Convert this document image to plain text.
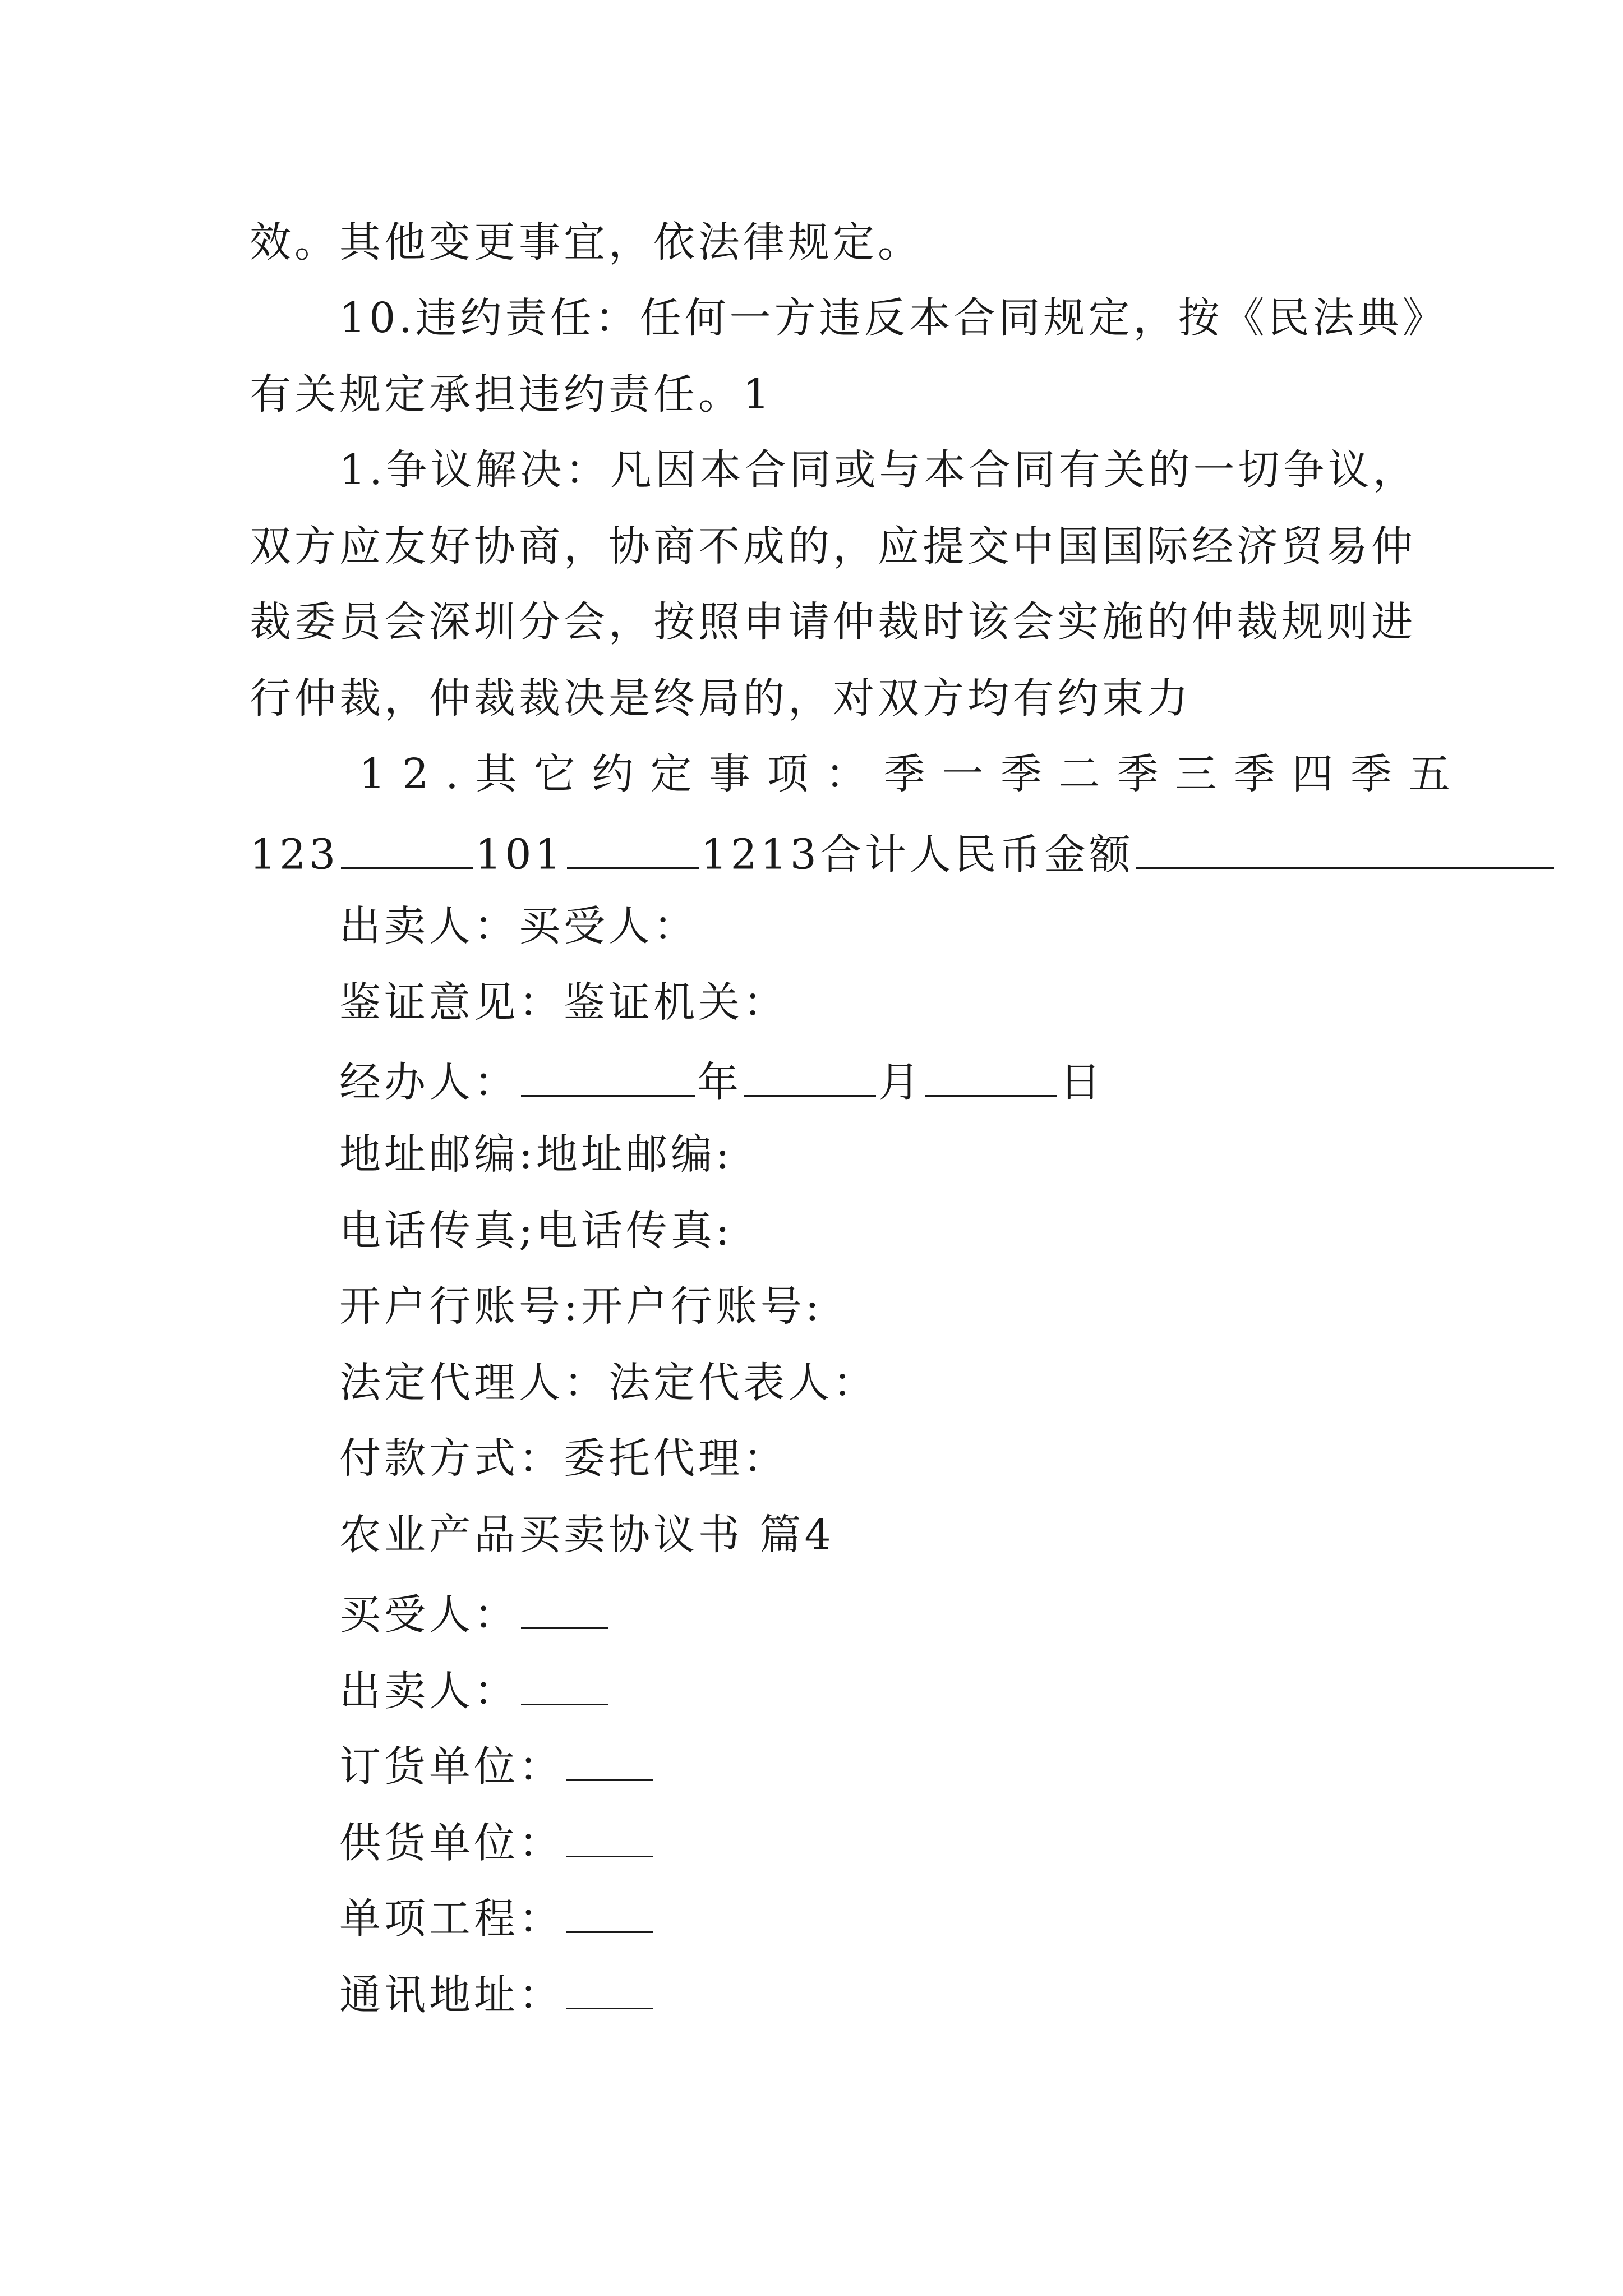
效。其他变更事宜，依法律规定。
10.违约责任：任何一方违反本合同规定，按《民法典》
有关规定承担违约责任。1
1.争议解决：凡因本合同或与本合同有关的一切争议，
双方应友好协商，协商不成的，应提交中国国际经济贸易仲
裁委员会深圳分会，按照申请仲裁时该会实施的仲裁规则进
行仲裁，仲裁裁决是终局的，对双方均有约束力
12.其它约定事项：季一季二季三季四季五
123	101	1213合计人民币金额
出卖人：买受人：
鉴证意见：鉴证机关：
经办人：	年	月	日
地址邮编:地址邮编:
电话传真;电话传真:
开户行账号:开户行账号:
法定代理人：法定代表人：
付款方式：委托代理：
农业产品买卖协议书 篇4
买受人：
出卖人：
订货单位：
供货单位：
单项工程：
通讯地址：
